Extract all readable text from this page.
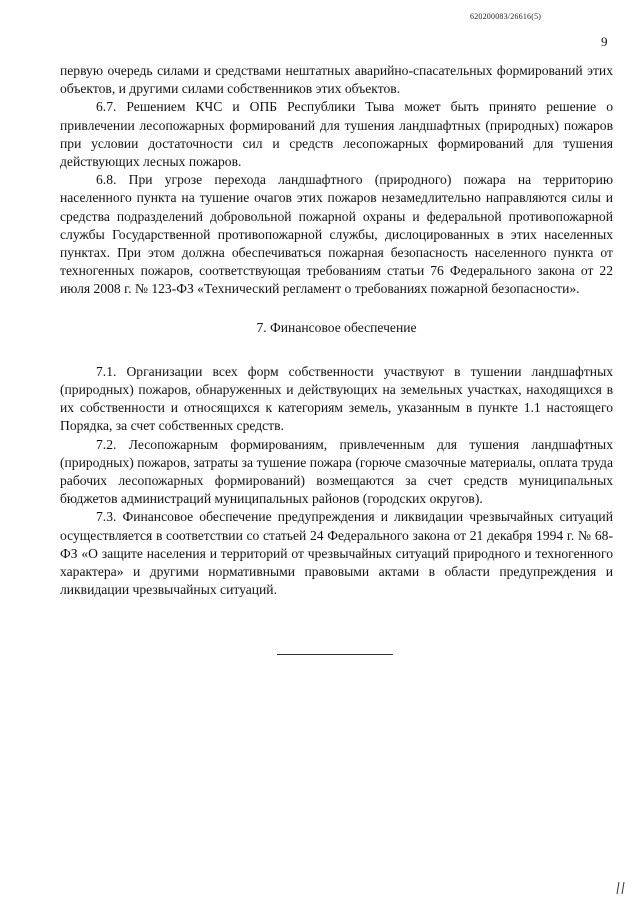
620200083/26616(5)
9

первую очередь силами и средствами нештатных аварийно-спасательных формирований этих объектов, и другими силами собственников этих объектов.

6.7. Решением КЧС и ОПБ Республики Тыва может быть принято решение о привлечении лесопожарных формирований для тушения ландшафтных (природных) пожаров при условии достаточности сил и средств лесопожарных формирований для тушения действующих лесных пожаров.

6.8. При угрозе перехода ландшафтного (природного) пожара на территорию населенного пункта на тушение очагов этих пожаров незамедлительно направляются силы и средства подразделений добровольной пожарной охраны и федеральной противопожарной службы Государственной противопожарной службы, дислоцированных в этих населенных пунктах. При этом должна обеспечиваться пожарная безопасность населенного пункта от техногенных пожаров, соответствующая требованиям статьи 76 Федерального закона от 22 июля 2008 г. № 123-ФЗ «Технический регламент о требованиях пожарной безопасности».

7. Финансовое обеспечение

7.1. Организации всех форм собственности участвуют в тушении ландшафтных (природных) пожаров, обнаруженных и действующих на земельных участках, находящихся в их собственности и относящихся к категориям земель, указанным в пункте 1.1 настоящего Порядка, за счет собственных средств.

7.2. Лесопожарным формированиям, привлеченным для тушения ландшафтных (природных) пожаров, затраты за тушение пожара (горюче смазочные материалы, оплата труда рабочих лесопожарных формирований) возмещаются за счет средств муниципальных бюджетов администраций муниципальных районов (городских округов).

7.3. Финансовое обеспечение предупреждения и ликвидации чрезвычайных ситуаций осуществляется в соответствии со статьей 24 Федерального закона от 21 декабря 1994 г. № 68-ФЗ «О защите населения и территорий от чрезвычайных ситуаций природного и техногенного характера» и другими нормативными правовыми актами в области предупреждения и ликвидации чрезвычайных ситуаций.
